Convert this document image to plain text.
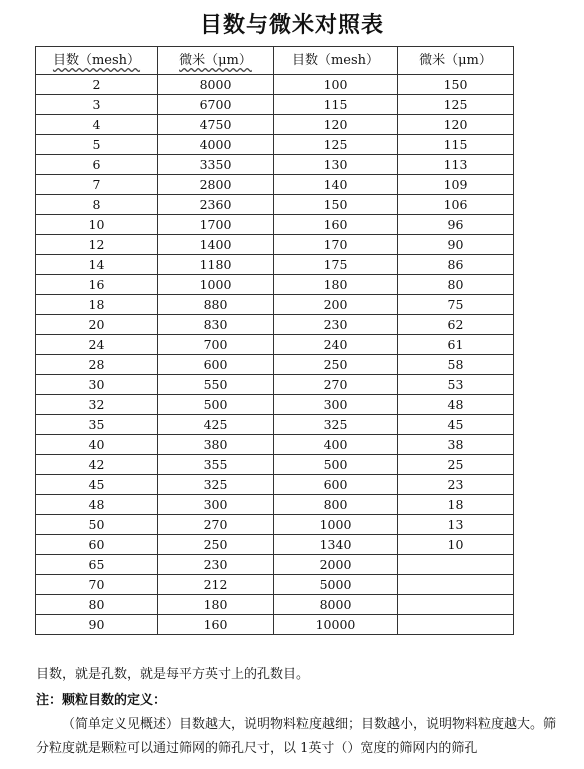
目数与微米对照表
目数（mesh）	微米（μm）	目数（mesh）	微米（μm）
2	8000	100	150
3	6700	115	125
4	4750	120	120
5	4000	125	115
6	3350	130	113
7	2800	140	109
8	2360	150	106
10	1700	160	96
12	1400	170	90
14	1180	175	86
16	1000	180	80
18	880	200	75
20	830	230	62
24	700	240	61
28	600	250	58
30	550	270	53
32	500	300	48
35	425	325	45
40	380	400	38
42	355	500	25
45	325	600	23
48	300	800	18
50	270	1000	13
60	250	1340	10
65	230	2000	
70	212	5000	
80	180	8000	
90	160	10000	
目数，就是孔数，就是每平方英寸上的孔数目。
注：颗粒目数的定义：
（简单定义见概述）目数越大，说明物料粒度越细；目数越小，说明物料粒度越大。筛分粒度就是颗粒可以通过筛网的筛孔尺寸，以 1英寸（）宽度的筛网内的筛孔
